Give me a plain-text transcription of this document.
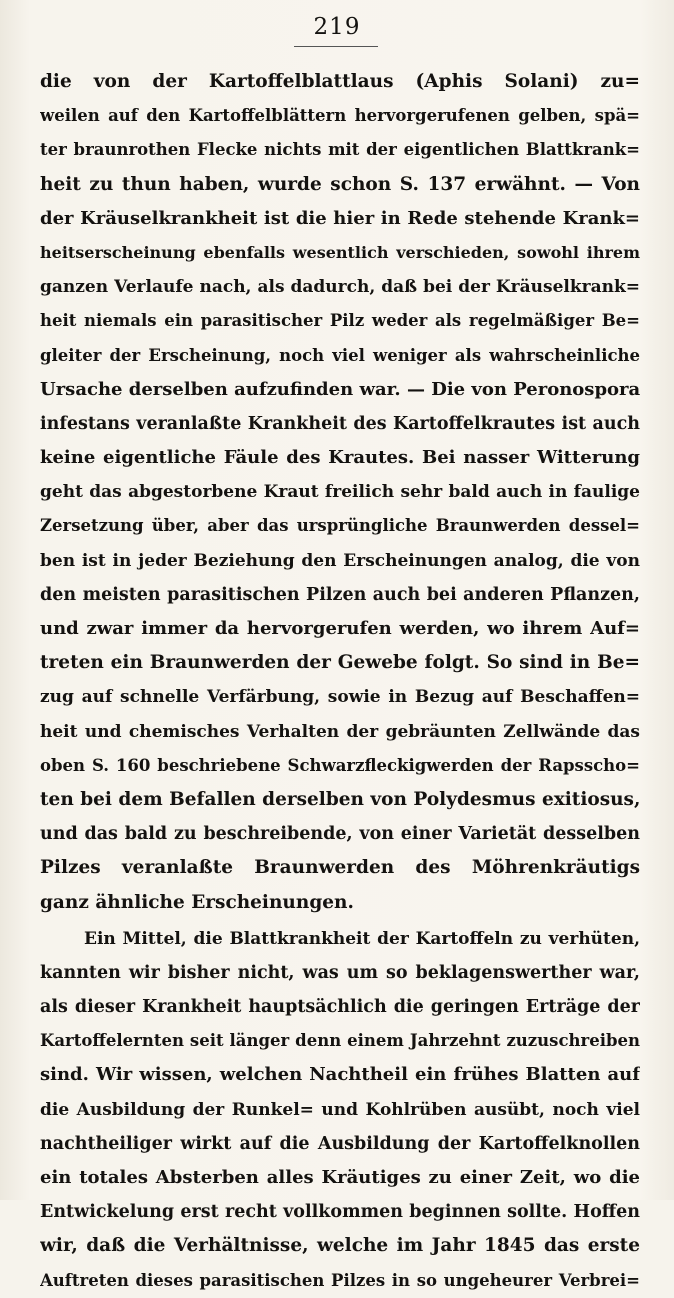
219
die von der Kartoffelblattlaus (Aphis Solani) zu=
weilen auf den Kartoffelblättern hervorgerufenen gelben, spä=
ter braunrothen Flecke nichts mit der eigentlichen Blattkrank=
heit zu thun haben, wurde schon S. 137 erwähnt. — Von
der Kräuselkrankheit ist die hier in Rede stehende Krank=
heitserscheinung ebenfalls wesentlich verschieden, sowohl ihrem
ganzen Verlaufe nach, als dadurch, daß bei der Kräuselkrank=
heit niemals ein parasitischer Pilz weder als regelmäßiger Be=
gleiter der Erscheinung, noch viel weniger als wahrscheinliche
Ursache derselben aufzufinden war. — Die von Peronospora
infestans veranlaßte Krankheit des Kartoffelkrautes ist auch
keine eigentliche Fäule des Krautes. Bei nasser Witterung
geht das abgestorbene Kraut freilich sehr bald auch in faulige
Zersetzung über, aber das ursprüngliche Braunwerden dessel=
ben ist in jeder Beziehung den Erscheinungen analog, die von
den meisten parasitischen Pilzen auch bei anderen Pflanzen,
und zwar immer da hervorgerufen werden, wo ihrem Auf=
treten ein Braunwerden der Gewebe folgt. So sind in Be=
zug auf schnelle Verfärbung, sowie in Bezug auf Beschaffen=
heit und chemisches Verhalten der gebräunten Zellwände das
oben S. 160 beschriebene Schwarzfleckigwerden der Rapsscho=
ten bei dem Befallen derselben von Polydesmus exitiosus,
und das bald zu beschreibende, von einer Varietät desselben
Pilzes veranlaßte Braunwerden des Möhrenkräutigs
ganz ähnliche Erscheinungen.
Ein Mittel, die Blattkrankheit der Kartoffeln zu verhüten,
kannten wir bisher nicht, was um so beklagenswerther war,
als dieser Krankheit hauptsächlich die geringen Erträge der
Kartoffelernten seit länger denn einem Jahrzehnt zuzuschreiben
sind. Wir wissen, welchen Nachtheil ein frühes Blatten auf
die Ausbildung der Runkel= und Kohlrüben ausübt, noch viel
nachtheiliger wirkt auf die Ausbildung der Kartoffelknollen
ein totales Absterben alles Kräutiges zu einer Zeit, wo die
Entwickelung erst recht vollkommen beginnen sollte. Hoffen
wir, daß die Verhältnisse, welche im Jahr 1845 das erste
Auftreten dieses parasitischen Pilzes in so ungeheurer Verbrei=
